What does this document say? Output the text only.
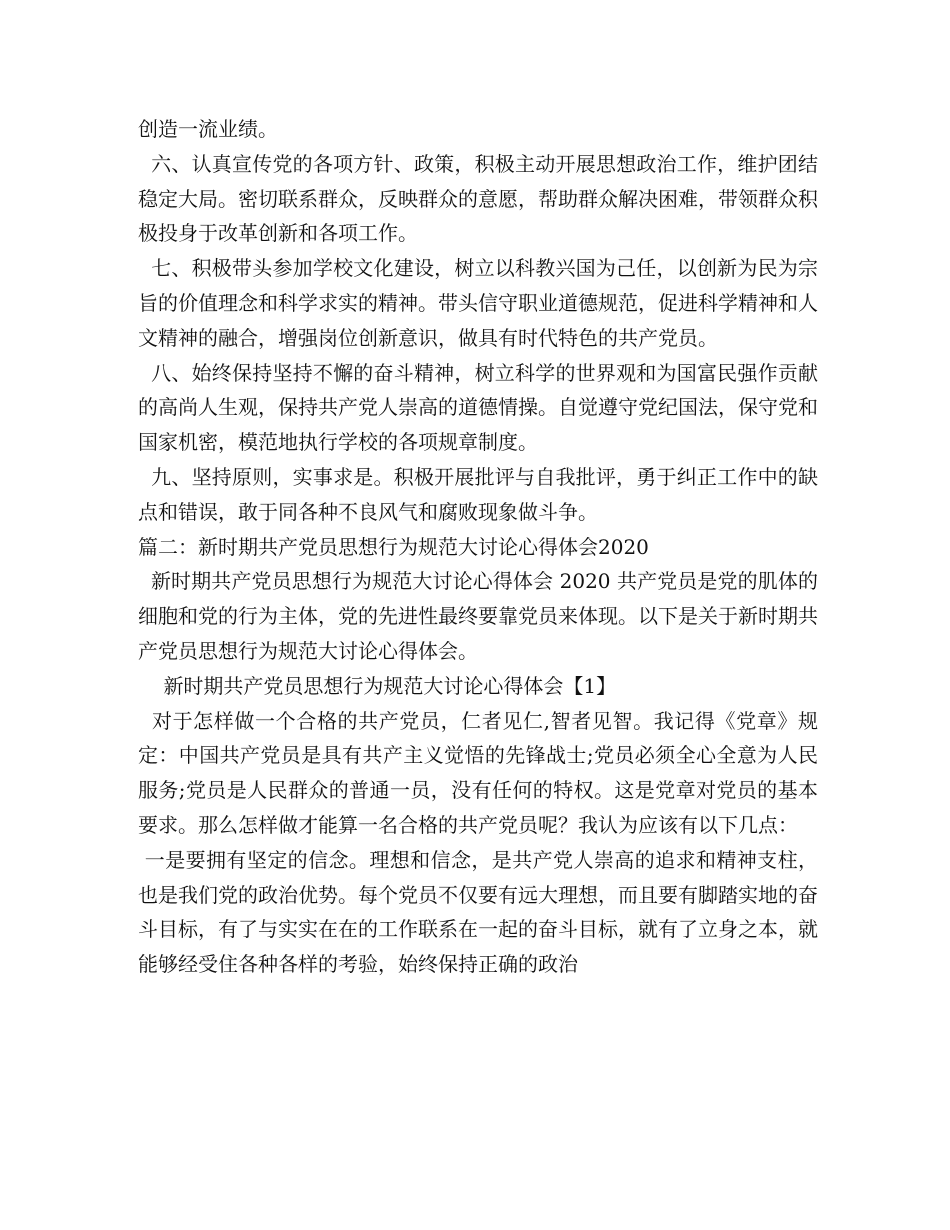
创造一流业绩。

六、认真宣传党的各项方针、政策，积极主动开展思想政治工作，维护团结稳定大局。密切联系群众，反映群众的意愿，帮助群众解决困难，带领群众积极投身于改革创新和各项工作。

七、积极带头参加学校文化建设，树立以科教兴国为己任，以创新为民为宗旨的价值理念和科学求实的精神。带头信守职业道德规范，促进科学精神和人文精神的融合，增强岗位创新意识，做具有时代特色的共产党员。

八、始终保持坚持不懈的奋斗精神，树立科学的世界观和为国富民强作贡献的高尚人生观，保持共产党人崇高的道德情操。自觉遵守党纪国法，保守党和国家机密，模范地执行学校的各项规章制度。

九、坚持原则，实事求是。积极开展批评与自我批评，勇于纠正工作中的缺点和错误，敢于同各种不良风气和腐败现象做斗争。

篇二：新时期共产党员思想行为规范大讨论心得体会2020

新时期共产党员思想行为规范大讨论心得体会 2020 共产党员是党的肌体的细胞和党的行为主体，党的先进性最终要靠党员来体现。以下是关于新时期共产党员思想行为规范大讨论心得体会。

新时期共产党员思想行为规范大讨论心得体会【1】

对于怎样做一个合格的共产党员，仁者见仁,智者见智。我记得《党章》规定：中国共产党员是具有共产主义觉悟的先锋战士;党员必须全心全意为人民服务;党员是人民群众的普通一员，没有任何的特权。这是党章对党员的基本要求。那么怎样做才能算一名合格的共产党员呢？我认为应该有以下几点：

一是要拥有坚定的信念。理想和信念，是共产党人崇高的追求和精神支柱，也是我们党的政治优势。每个党员不仅要有远大理想，而且要有脚踏实地的奋斗目标，有了与实实在在的工作联系在一起的奋斗目标，就有了立身之本，就能够经受住各种各样的考验，始终保持正确的政治
